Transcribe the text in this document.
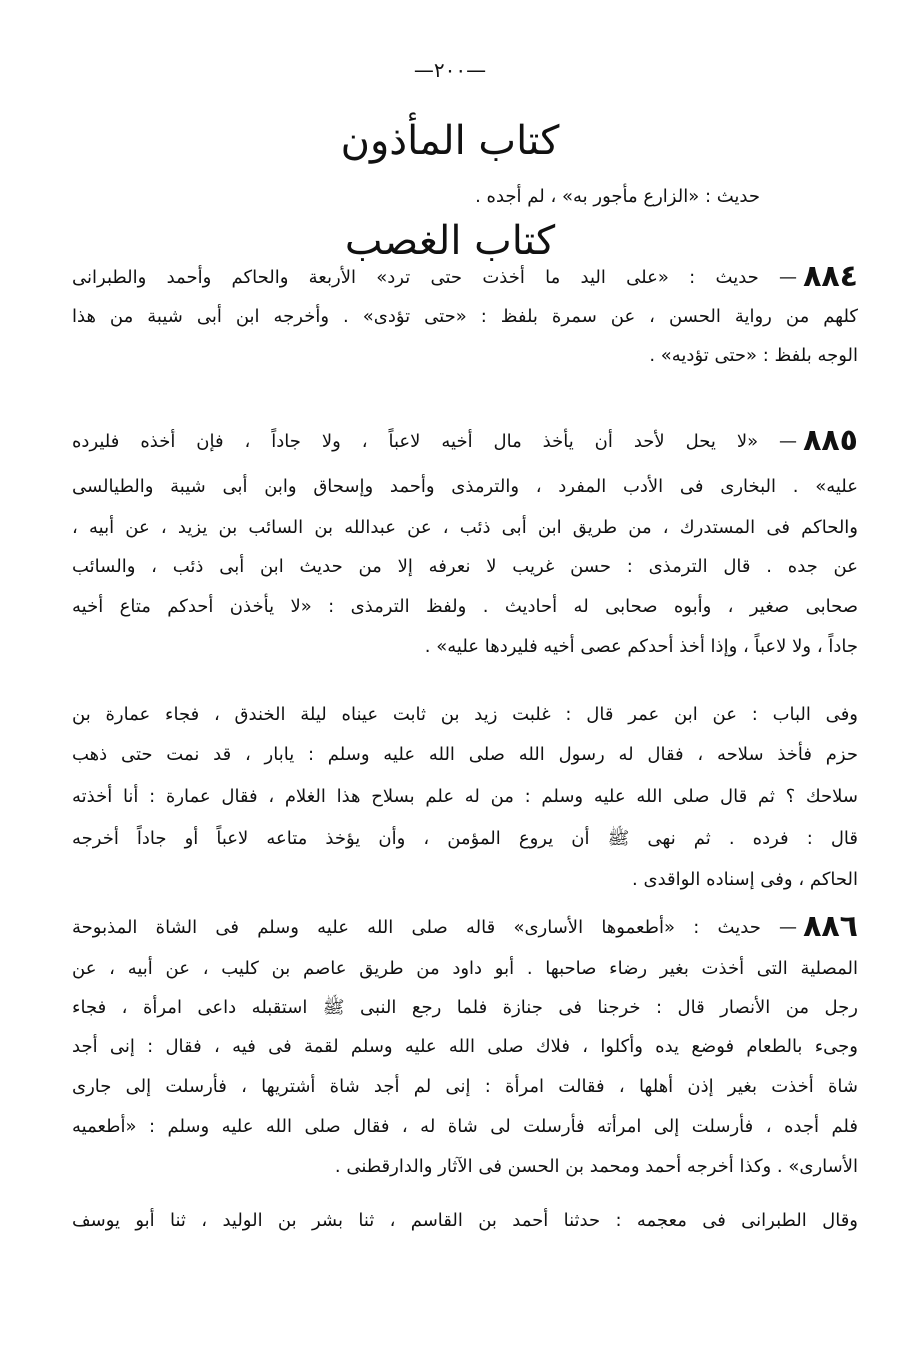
—٢٠٠—
كتاب المأذون
حديث : «الزارع مأجور به» ، لم أجده .
كتاب الغصب
٨٨٤— حديث : «على اليد ما أخذت حتى ترد» الأربعة والحاكم وأحمد والطبرانى
كلهم من رواية الحسن ، عن سمرة بلفظ : «حتى تؤدى» . وأخرجه ابن أبى شيبة من هذا
الوجه بلفظ : «حتى تؤديه» .
٨٨٥— «لا يحل لأحد أن يأخذ مال أخيه لاعباً ، ولا جاداً ، فإن أخذه فليرده
عليه» . البخارى فى الأدب المفرد ، والترمذى وأحمد وإسحاق وابن أبى شيبة والطيالسى
والحاكم فى المستدرك ، من طريق ابن أبى ذئب ، عن عبدالله بن السائب بن يزيد ، عن أبيه ،
عن جده . قال الترمذى : حسن غريب لا نعرفه إلا من حديث ابن أبى ذئب ، والسائب
صحابى صغير ، وأبوه صحابى له أحاديث . ولفظ الترمذى : «لا يأخذن أحدكم متاع أخيه
جاداً ، ولا لاعباً ، وإذا أخذ أحدكم عصى أخيه فليردها عليه» .
وفى الباب : عن ابن عمر قال : غلبت زيد بن ثابت عيناه ليلة الخندق ، فجاء عمارة بن
حزم فأخذ سلاحه ، فقال له رسول الله صلى الله عليه وسلم : يابار ، قد نمت حتى ذهب
سلاحك ؟ ثم قال صلى الله عليه وسلم : من له علم بسلاح هذا الغلام ، فقال عمارة : أنا أخذته
قال : فرده . ثم نهى ﷺ أن يروع المؤمن ، وأن يؤخذ متاعه لاعباً أو جاداً أخرجه
الحاكم ، وفى إسناده الواقدى .
٨٨٦— حديث : «أطعموها الأسارى» قاله صلى الله عليه وسلم فى الشاة المذبوحة
المصلية التى أخذت بغير رضاء صاحبها . أبو داود من طريق عاصم بن كليب ، عن أبيه ، عن
رجل من الأنصار قال : خرجنا فى جنازة فلما رجع النبى ﷺ استقبله داعى امرأة ، فجاء
وجىء بالطعام فوضع يده وأكلوا ، فلاك صلى الله عليه وسلم لقمة فى فيه ، فقال : إنى أجد
شاة أخذت بغير إذن أهلها ، فقالت امرأة : إنى لم أجد شاة أشتريها ، فأرسلت إلى جارى
فلم أجده ، فأرسلت إلى امرأته فأرسلت لى شاة له ، فقال صلى الله عليه وسلم : «أطعميه
الأسارى» . وكذا أخرجه أحمد ومحمد بن الحسن فى الآثار والدارقطنى .
وقال الطبرانى فى معجمه : حدثنا أحمد بن القاسم ، ثنا بشر بن الوليد ، ثنا أبو يوسف
